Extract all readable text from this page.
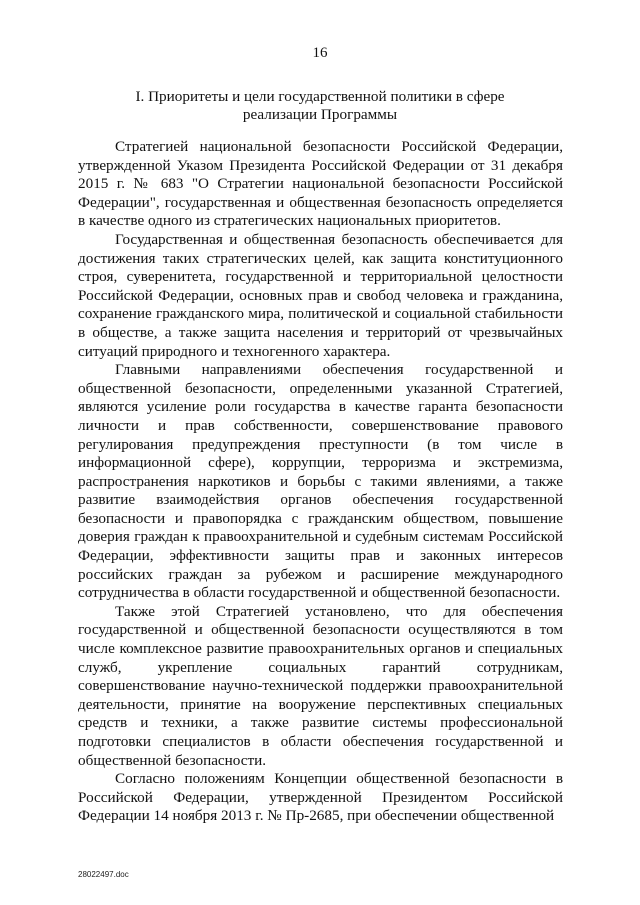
16
I. Приоритеты и цели государственной политики в сфере реализации Программы

Стратегией национальной безопасности Российской Федерации, утвержденной Указом Президента Российской Федерации от 31 декабря 2015 г. № 683 "О Стратегии национальной безопасности Российской Федерации", государственная и общественная безопасность определяется в качестве одного из стратегических национальных приоритетов.

Государственная и общественная безопасность обеспечивается для достижения таких стратегических целей, как защита конституционного строя, суверенитета, государственной и территориальной целостности Российской Федерации, основных прав и свобод человека и гражданина, сохранение гражданского мира, политической и социальной стабильности в обществе, а также защита населения и территорий от чрезвычайных ситуаций природного и техногенного характера.

Главными направлениями обеспечения государственной и общественной безопасности, определенными указанной Стратегией, являются усиление роли государства в качестве гаранта безопасности личности и прав собственности, совершенствование правового регулирования предупреждения преступности (в том числе в информационной сфере), коррупции, терроризма и экстремизма, распространения наркотиков и борьбы с такими явлениями, а также развитие взаимодействия органов обеспечения государственной безопасности и правопорядка с гражданским обществом, повышение доверия граждан к правоохранительной и судебным системам Российской Федерации, эффективности защиты прав и законных интересов российских граждан за рубежом и расширение международного сотрудничества в области государственной и общественной безопасности.

Также этой Стратегией установлено, что для обеспечения государственной и общественной безопасности осуществляются в том числе комплексное развитие правоохранительных органов и специальных служб, укрепление социальных гарантий сотрудникам, совершенствование научно-технической поддержки правоохранительной деятельности, принятие на вооружение перспективных специальных средств и техники, а также развитие системы профессиональной подготовки специалистов в области обеспечения государственной и общественной безопасности.

Согласно положениям Концепции общественной безопасности в Российской Федерации, утвержденной Президентом Российской Федерации 14 ноября 2013 г. № Пр-2685, при обеспечении общественной

28022497.doc
